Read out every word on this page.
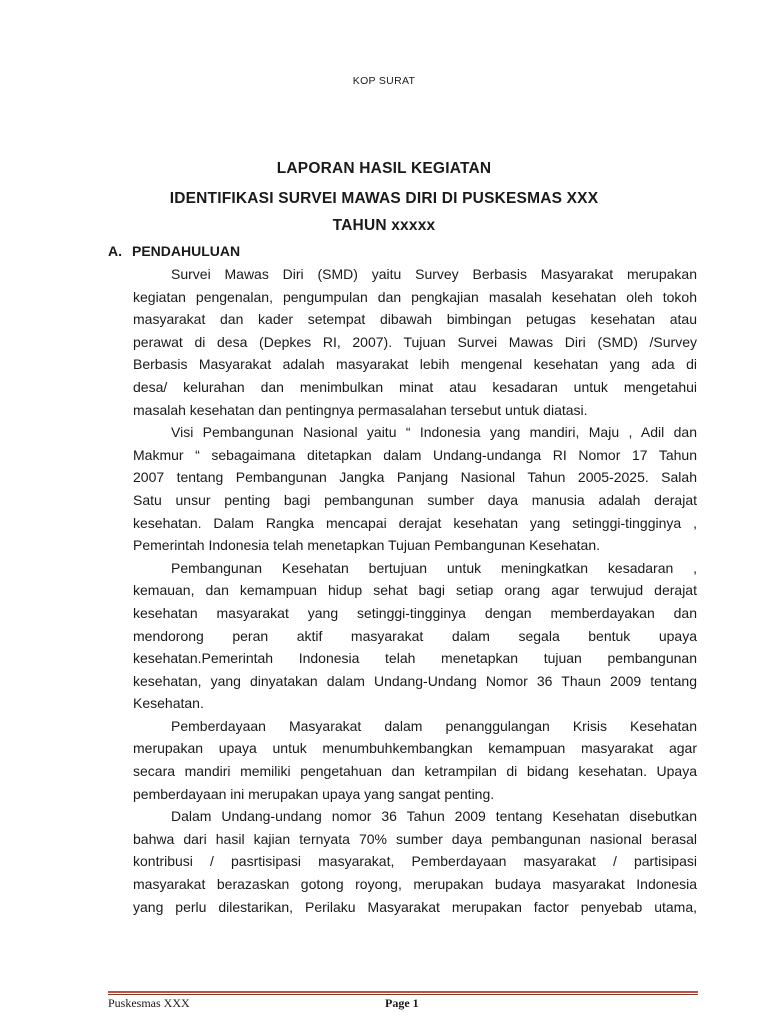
KOP SURAT
LAPORAN HASIL KEGIATAN
IDENTIFIKASI SURVEI MAWAS DIRI DI PUSKESMAS XXX
TAHUN xxxxx
A. PENDAHULUAN
Survei Mawas Diri (SMD) yaitu Survey Berbasis Masyarakat merupakan
kegiatan pengenalan, pengumpulan dan pengkajian masalah kesehatan oleh tokoh
masyarakat dan kader setempat dibawah bimbingan petugas kesehatan atau
perawat di desa (Depkes RI, 2007). Tujuan Survei Mawas Diri (SMD) /Survey
Berbasis Masyarakat adalah masyarakat lebih mengenal kesehatan yang ada di
desa/ kelurahan dan menimbulkan minat atau kesadaran untuk mengetahui
masalah kesehatan dan pentingnya permasalahan tersebut untuk diatasi.
Visi Pembangunan Nasional yaitu “ Indonesia yang mandiri, Maju , Adil dan
Makmur “ sebagaimana ditetapkan dalam Undang-undanga RI Nomor 17 Tahun
2007 tentang Pembangunan Jangka Panjang Nasional Tahun 2005-2025. Salah
Satu unsur penting bagi pembangunan sumber daya manusia adalah derajat
kesehatan. Dalam Rangka mencapai derajat kesehatan yang setinggi-tingginya ,
Pemerintah Indonesia telah menetapkan Tujuan Pembangunan Kesehatan.
Pembangunan Kesehatan bertujuan untuk meningkatkan kesadaran ,
kemauan, dan kemampuan hidup sehat bagi setiap orang agar terwujud derajat
kesehatan masyarakat yang setinggi-tingginya dengan memberdayakan dan
mendorong peran aktif masyarakat dalam segala bentuk upaya
kesehatan.Pemerintah Indonesia telah menetapkan tujuan pembangunan
kesehatan, yang dinyatakan dalam Undang-Undang Nomor 36 Thaun 2009 tentang
Kesehatan.
Pemberdayaan Masyarakat dalam penanggulangan Krisis Kesehatan
merupakan upaya untuk menumbuhkembangkan kemampuan masyarakat agar
secara mandiri memiliki pengetahuan dan ketrampilan di bidang kesehatan. Upaya
pemberdayaan ini merupakan upaya yang sangat penting.
Dalam Undang-undang nomor 36 Tahun 2009 tentang Kesehatan disebutkan
bahwa dari hasil kajian ternyata 70% sumber daya pembangunan nasional berasal
kontribusi / pasrtisipasi masyarakat, Pemberdayaan masyarakat / partisipasi
masyarakat berazaskan gotong royong, merupakan budaya masyarakat Indonesia
yang perlu dilestarikan, Perilaku Masyarakat merupakan factor penyebab utama,
Puskesmas XXX	Page 1
